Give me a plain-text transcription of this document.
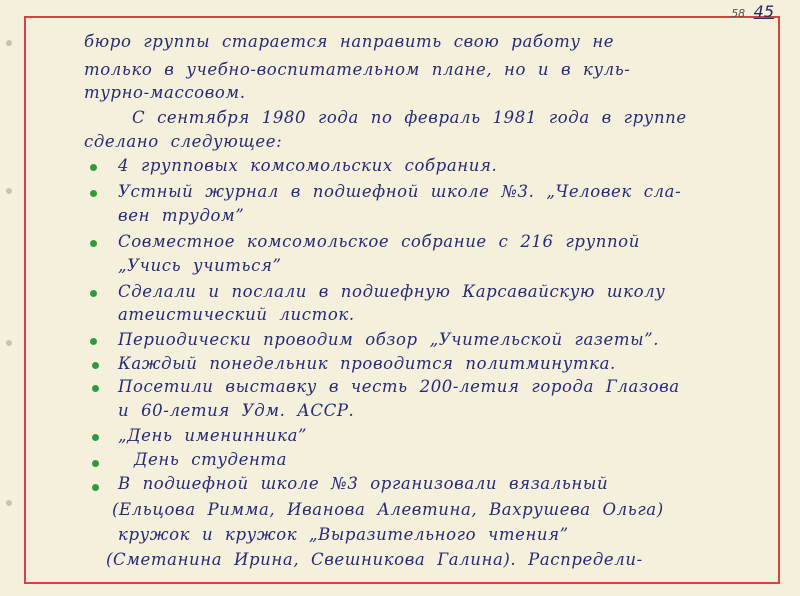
58 45
бюро группы старается направить свою работу не
только в учебно-воспитательном плане, но и в куль-
турно-массовом.
С сентября 1980 года по февраль 1981 года в группе
сделано следующее:
4 групповых комсомольских собрания.
Устный журнал в подшефной школе №3. „Человек сла-
вен трудом”
Совместное комсомольское собрание с 216 группой
„Учись учиться”
Сделали и послали в подшефную Карсавайскую школу
атеистический листок.
Периодически проводим обзор „Учительской газеты”.
Каждый понедельник проводится политминутка.
Посетили выставку в честь 200-летия города Глазова
и 60-летия Удм. АССР.
„День именинника”
День студента
В подшефной школе №3 организовали вязальный
(Ельцова Римма, Иванова Алевтина, Вахрушева Ольга)
кружок и кружок „Выразительного чтения”
(Сметанина Ирина, Свешникова Галина). Распредели-
